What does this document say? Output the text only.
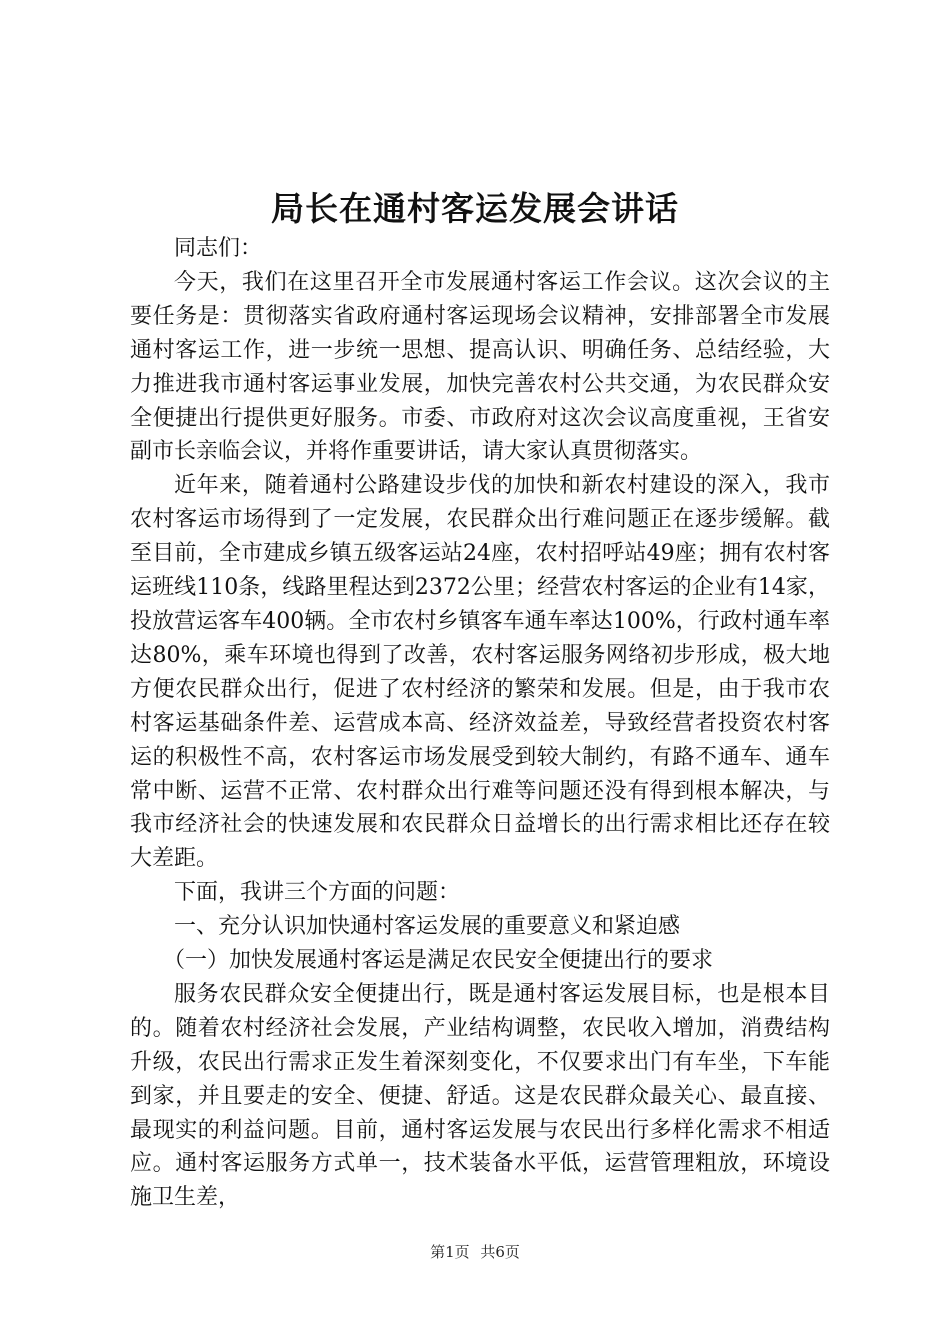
局长在通村客运发展会讲话

同志们：

今天，我们在这里召开全市发展通村客运工作会议。这次会议的主要任务是：贯彻落实省政府通村客运现场会议精神，安排部署全市发展通村客运工作，进一步统一思想、提高认识、明确任务、总结经验，大力推进我市通村客运事业发展，加快完善农村公共交通，为农民群众安全便捷出行提供更好服务。市委、市政府对这次会议高度重视，王省安副市长亲临会议，并将作重要讲话，请大家认真贯彻落实。

近年来，随着通村公路建设步伐的加快和新农村建设的深入，我市农村客运市场得到了一定发展，农民群众出行难问题正在逐步缓解。截至目前，全市建成乡镇五级客运站24座，农村招呼站49座；拥有农村客运班线110条，线路里程达到2372公里；经营农村客运的企业有14家，投放营运客车400辆。全市农村乡镇客车通车率达100%，行政村通车率达80%，乘车环境也得到了改善，农村客运服务网络初步形成，极大地方便农民群众出行，促进了农村经济的繁荣和发展。但是，由于我市农村客运基础条件差、运营成本高、经济效益差，导致经营者投资农村客运的积极性不高，农村客运市场发展受到较大制约，有路不通车、通车常中断、运营不正常、农村群众出行难等问题还没有得到根本解决，与我市经济社会的快速发展和农民群众日益增长的出行需求相比还存在较大差距。

下面，我讲三个方面的问题：

一、充分认识加快通村客运发展的重要意义和紧迫感

（一）加快发展通村客运是满足农民安全便捷出行的要求

服务农民群众安全便捷出行，既是通村客运发展目标，也是根本目的。随着农村经济社会发展，产业结构调整，农民收入增加，消费结构升级，农民出行需求正发生着深刻变化，不仅要求出门有车坐，下车能到家，并且要走的安全、便捷、舒适。这是农民群众最关心、最直接、最现实的利益问题。目前，通村客运发展与农民出行多样化需求不相适应。通村客运服务方式单一，技术装备水平低，运营管理粗放，环境设施卫生差，

第1页 共6页
